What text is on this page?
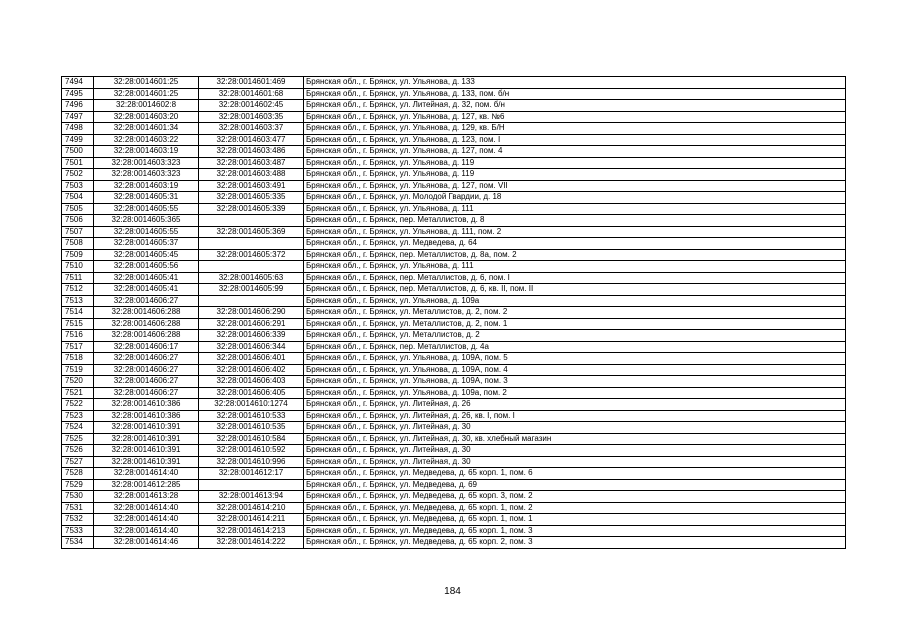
7494	32:28:0014601:25	32:28:0014601:469	Брянская обл., г. Брянск, ул. Ульянова, д. 133
7495	32:28:0014601:25	32:28:0014601:68	Брянская обл., г. Брянск, ул. Ульянова, д. 133, пом. б/н
7496	32:28:0014602:8	32:28:0014602:45	Брянская обл., г. Брянск, ул. Литейная, д. 32, пом. б/н
7497	32:28:0014603:20	32:28:0014603:35	Брянская обл., г. Брянск, ул. Ульянова, д. 127, кв. №6
7498	32:28:0014601:34	32:28:0014603:37	Брянская обл., г. Брянск, ул. Ульянова, д. 129, кв. Б/Н
7499	32:28:0014603:22	32:28:0014603:477	Брянская обл., г. Брянск, ул. Ульянова, д. 123, пом. I
7500	32:28:0014603:19	32:28:0014603:486	Брянская обл., г. Брянск, ул. Ульянова, д. 127, пом. 4
7501	32:28:0014603:323	32:28:0014603:487	Брянская обл., г. Брянск, ул. Ульянова, д. 119
7502	32:28:0014603:323	32:28:0014603:488	Брянская обл., г. Брянск, ул. Ульянова, д. 119
7503	32:28:0014603:19	32:28:0014603:491	Брянская обл., г. Брянск, ул. Ульянова, д. 127, пом. VII
7504	32:28:0014605:31	32:28:0014605:335	Брянская обл., г. Брянск, ул. Молодой Гвардии, д. 18
7505	32:28:0014605:55	32:28:0014605:339	Брянская обл., г. Брянск, ул. Ульянова, д. 111
7506	32:28:0014605:365		Брянская обл., г. Брянск, пер. Металлистов, д. 8
7507	32:28:0014605:55	32:28:0014605:369	Брянская обл., г. Брянск, ул. Ульянова, д. 111, пом. 2
7508	32:28:0014605:37		Брянская обл., г. Брянск, ул. Медведева, д. 64
7509	32:28:0014605:45	32:28:0014605:372	Брянская обл., г. Брянск, пер. Металлистов, д. 8а, пом. 2
7510	32:28:0014605:56		Брянская обл., г. Брянск, ул. Ульянова, д. 111
7511	32:28:0014605:41	32:28:0014605:63	Брянская обл., г. Брянск, пер. Металлистов, д. 6, пом. I
7512	32:28:0014605:41	32:28:0014605:99	Брянская обл., г. Брянск, пер. Металлистов, д. 6, кв. II, пом. II
7513	32:28:0014606:27		Брянская обл., г. Брянск, ул. Ульянова, д. 109а
7514	32:28:0014606:288	32:28:0014606:290	Брянская обл., г. Брянск, ул. Металлистов, д. 2, пом. 2
7515	32:28:0014606:288	32:28:0014606:291	Брянская обл., г. Брянск, ул. Металлистов, д. 2, пом. 1
7516	32:28:0014606:288	32:28:0014606:339	Брянская обл., г. Брянск, ул. Металлистов, д. 2
7517	32:28:0014606:17	32:28:0014606:344	Брянская обл., г. Брянск, пер. Металлистов, д. 4а
7518	32:28:0014606:27	32:28:0014606:401	Брянская обл., г. Брянск, ул. Ульянова, д. 109А, пом. 5
7519	32:28:0014606:27	32:28:0014606:402	Брянская обл., г. Брянск, ул. Ульянова, д. 109А, пом. 4
7520	32:28:0014606:27	32:28:0014606:403	Брянская обл., г. Брянск, ул. Ульянова, д. 109А, пом. 3
7521	32:28:0014606:27	32:28:0014606:405	Брянская обл., г. Брянск, ул. Ульянова, д. 109а, пом. 2
7522	32:28:0014610:386	32:28:0014610:1274	Брянская обл., г. Брянск, ул. Литейная, д. 26
7523	32:28:0014610:386	32:28:0014610:533	Брянская обл., г. Брянск, ул. Литейная, д. 26, кв. I, пом. I
7524	32:28:0014610:391	32:28:0014610:535	Брянская обл., г. Брянск, ул. Литейная, д. 30
7525	32:28:0014610:391	32:28:0014610:584	Брянская обл., г. Брянск, ул. Литейная, д. 30, кв. хлебный магазин
7526	32:28:0014610:391	32:28:0014610:592	Брянская обл., г. Брянск, ул. Литейная, д. 30
7527	32:28:0014610:391	32:28:0014610:996	Брянская обл., г. Брянск, ул. Литейная, д. 30
7528	32:28:0014614:40	32:28:0014612:17	Брянская обл., г. Брянск, ул. Медведева, д. 65 корп. 1, пом. 6
7529	32:28:0014612:285		Брянская обл., г. Брянск, ул. Медведева, д. 69
7530	32:28:0014613:28	32:28:0014613:94	Брянская обл., г. Брянск, ул. Медведева, д. 65 корп. 3, пом. 2
7531	32:28:0014614:40	32:28:0014614:210	Брянская обл., г. Брянск, ул. Медведева, д. 65 корп. 1, пом. 2
7532	32:28:0014614:40	32:28:0014614:211	Брянская обл., г. Брянск, ул. Медведева, д. 65 корп. 1, пом. 1
7533	32:28:0014614:40	32:28:0014614:213	Брянская обл., г. Брянск, ул. Медведева, д. 65 корп. 1, пом. 3
7534	32:28:0014614:46	32:28:0014614:222	Брянская обл., г. Брянск, ул. Медведева, д. 65 корп. 2, пом. 3
184
